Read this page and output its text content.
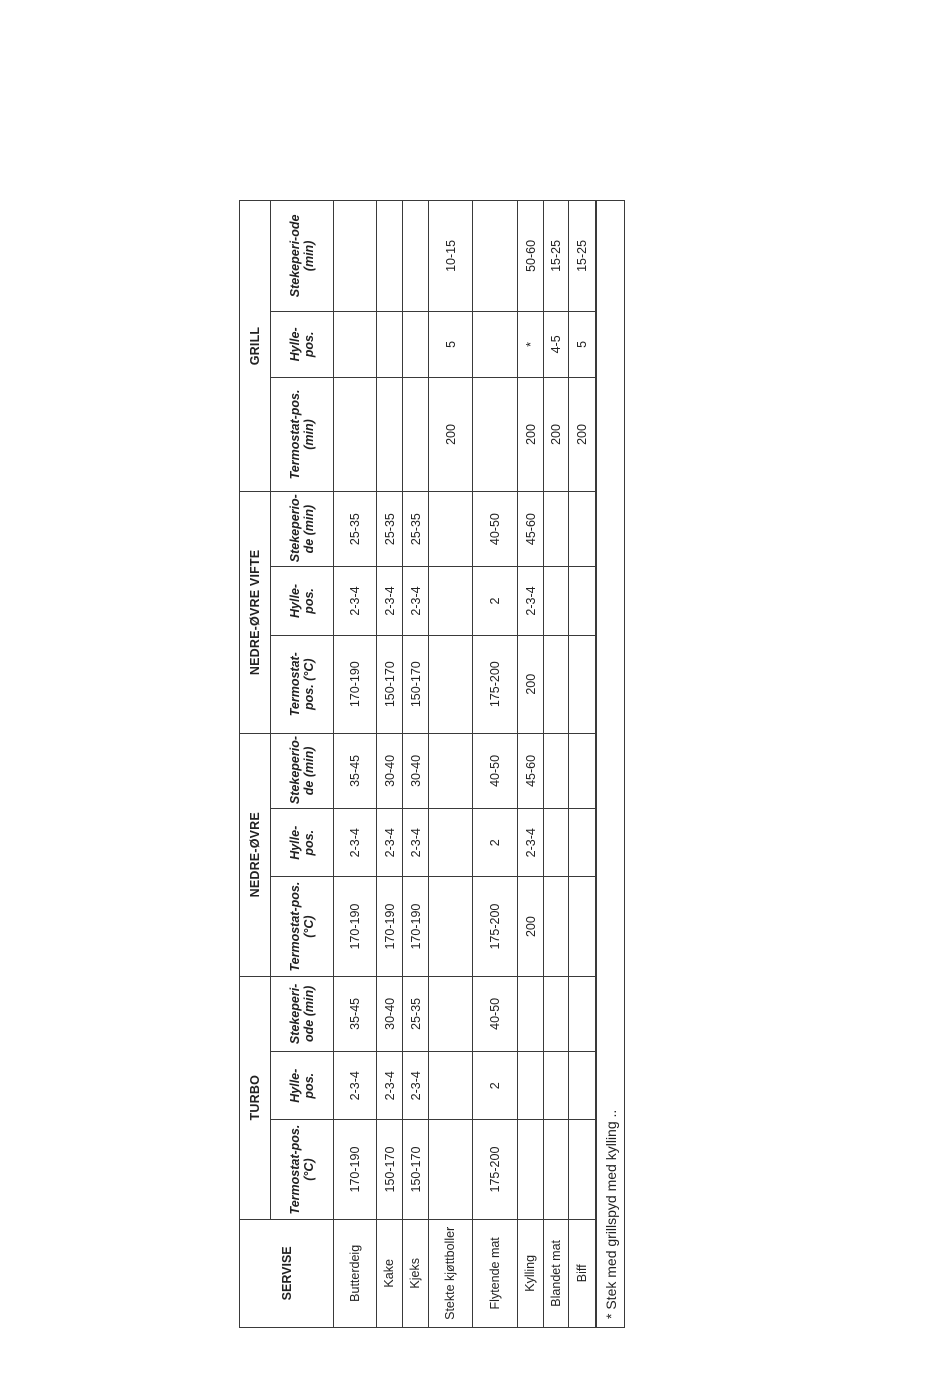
SERVISE	TURBO			NEDRE-ØVRE			NEDRE-ØVRE VIFTE			GRILL		
	Termostat-pos. (°C)	Hylle-pos.	Stekeperi-ode (min)	Termostat-pos. (°C)	Hylle-pos.	Stekeperio-de (min)	Termostat-pos. (°C)	Hylle-pos.	Stekeperio-de (min)	Termostat-pos. (min)	Hylle-pos.	Stekeperi-ode (min)
Butterdeig	170-190	2-3-4	35-45	170-190	2-3-4	35-45	170-190	2-3-4	25-35			
Kake	150-170	2-3-4	30-40	170-190	2-3-4	30-40	150-170	2-3-4	25-35			
Kjeks	150-170	2-3-4	25-35	170-190	2-3-4	30-40	150-170	2-3-4	25-35			
Stekte kjøttboller										200	5	10-15
Flytende mat	175-200	2	40-50	175-200	2	40-50	175-200	2	40-50			
Kylling				200	2-3-4	45-60	200	2-3-4	45-60	200	*	50-60
Blandet mat										200	4-5	15-25
Biff										200	5	15-25
* Stek med grillspyd med kylling ..
